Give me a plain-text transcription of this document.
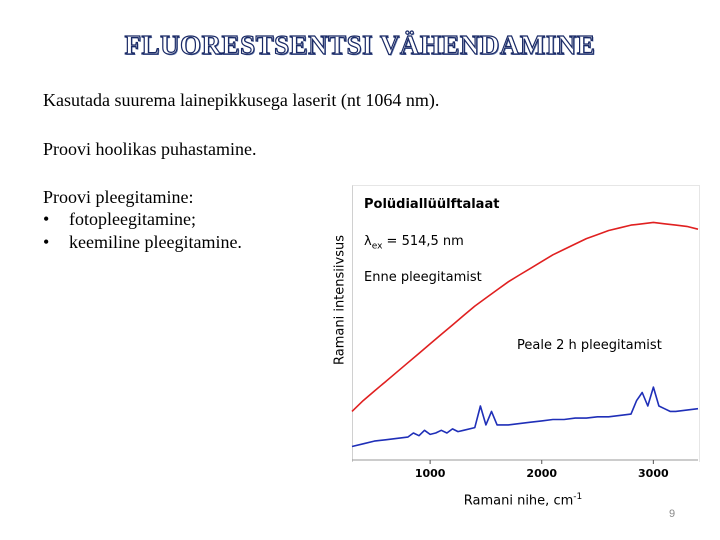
FLUORESTSENTSI VÄHENDAMINE
Kasutada suurema lainepikkusega laserit (nt 1064 nm).
Proovi hoolikas puhastamine.
Proovi pleegitamine:
• fotopleegitamine;
• keemiline pleegitamine.
1000	2000	3000
Ramani intensiivsus
Ramani nihe, $cm^{-1}$
Polüdiallüülftalaat
$\lambda_{ex} = 514,5$ nm
Enne pleegitamist
Peale 2 h pleegitamist
9
